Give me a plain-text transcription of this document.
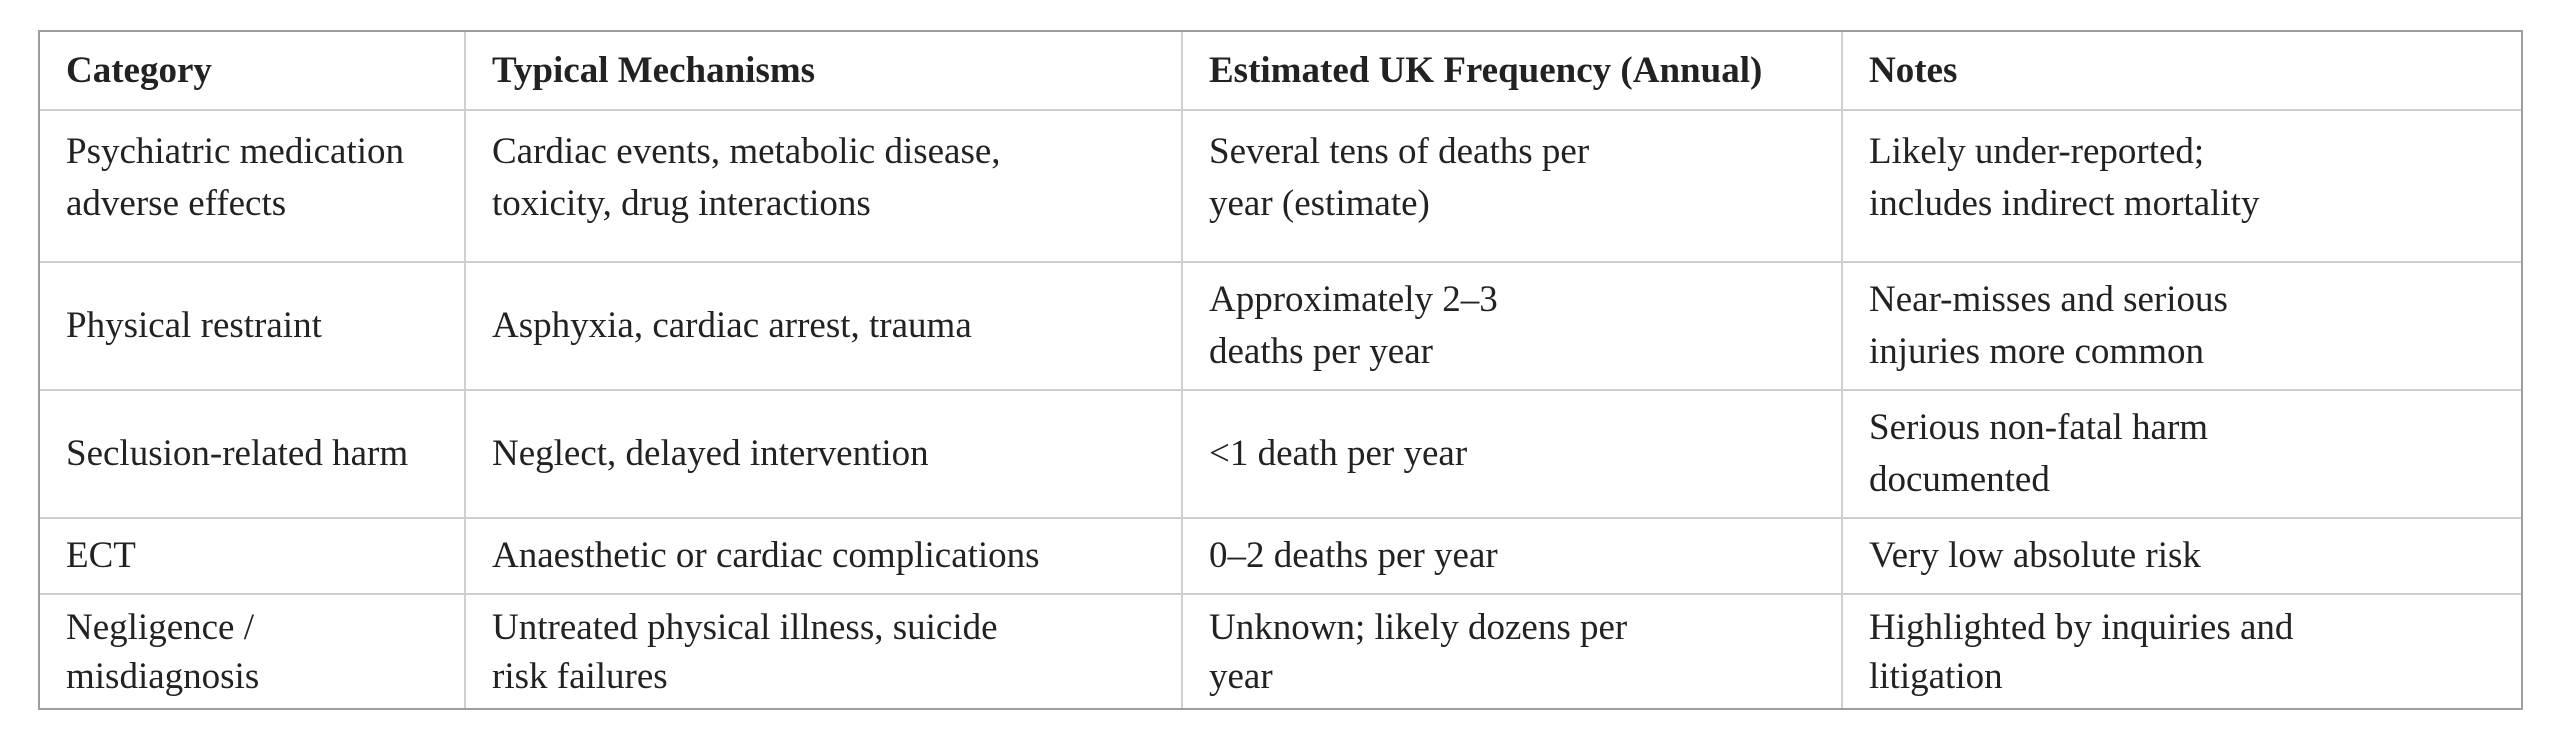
Category	Typical Mechanisms	Estimated UK Frequency (Annual)	Notes

Psychiatric medication adverse effects	Cardiac events, metabolic disease, toxicity, drug interactions	Several tens of deaths per year (estimate)	Likely under-reported; includes indirect mortality

Physical restraint	Asphyxia, cardiac arrest, trauma	Approximately 2–3 deaths per year	Near-misses and serious injuries more common

Seclusion-related harm	Neglect, delayed intervention	<1 death per year	Serious non-fatal harm documented

ECT	Anaesthetic or cardiac complications	0–2 deaths per year	Very low absolute risk

Negligence / misdiagnosis	Untreated physical illness, suicide risk failures	Unknown; likely dozens per year	Highlighted by inquiries and litigation
